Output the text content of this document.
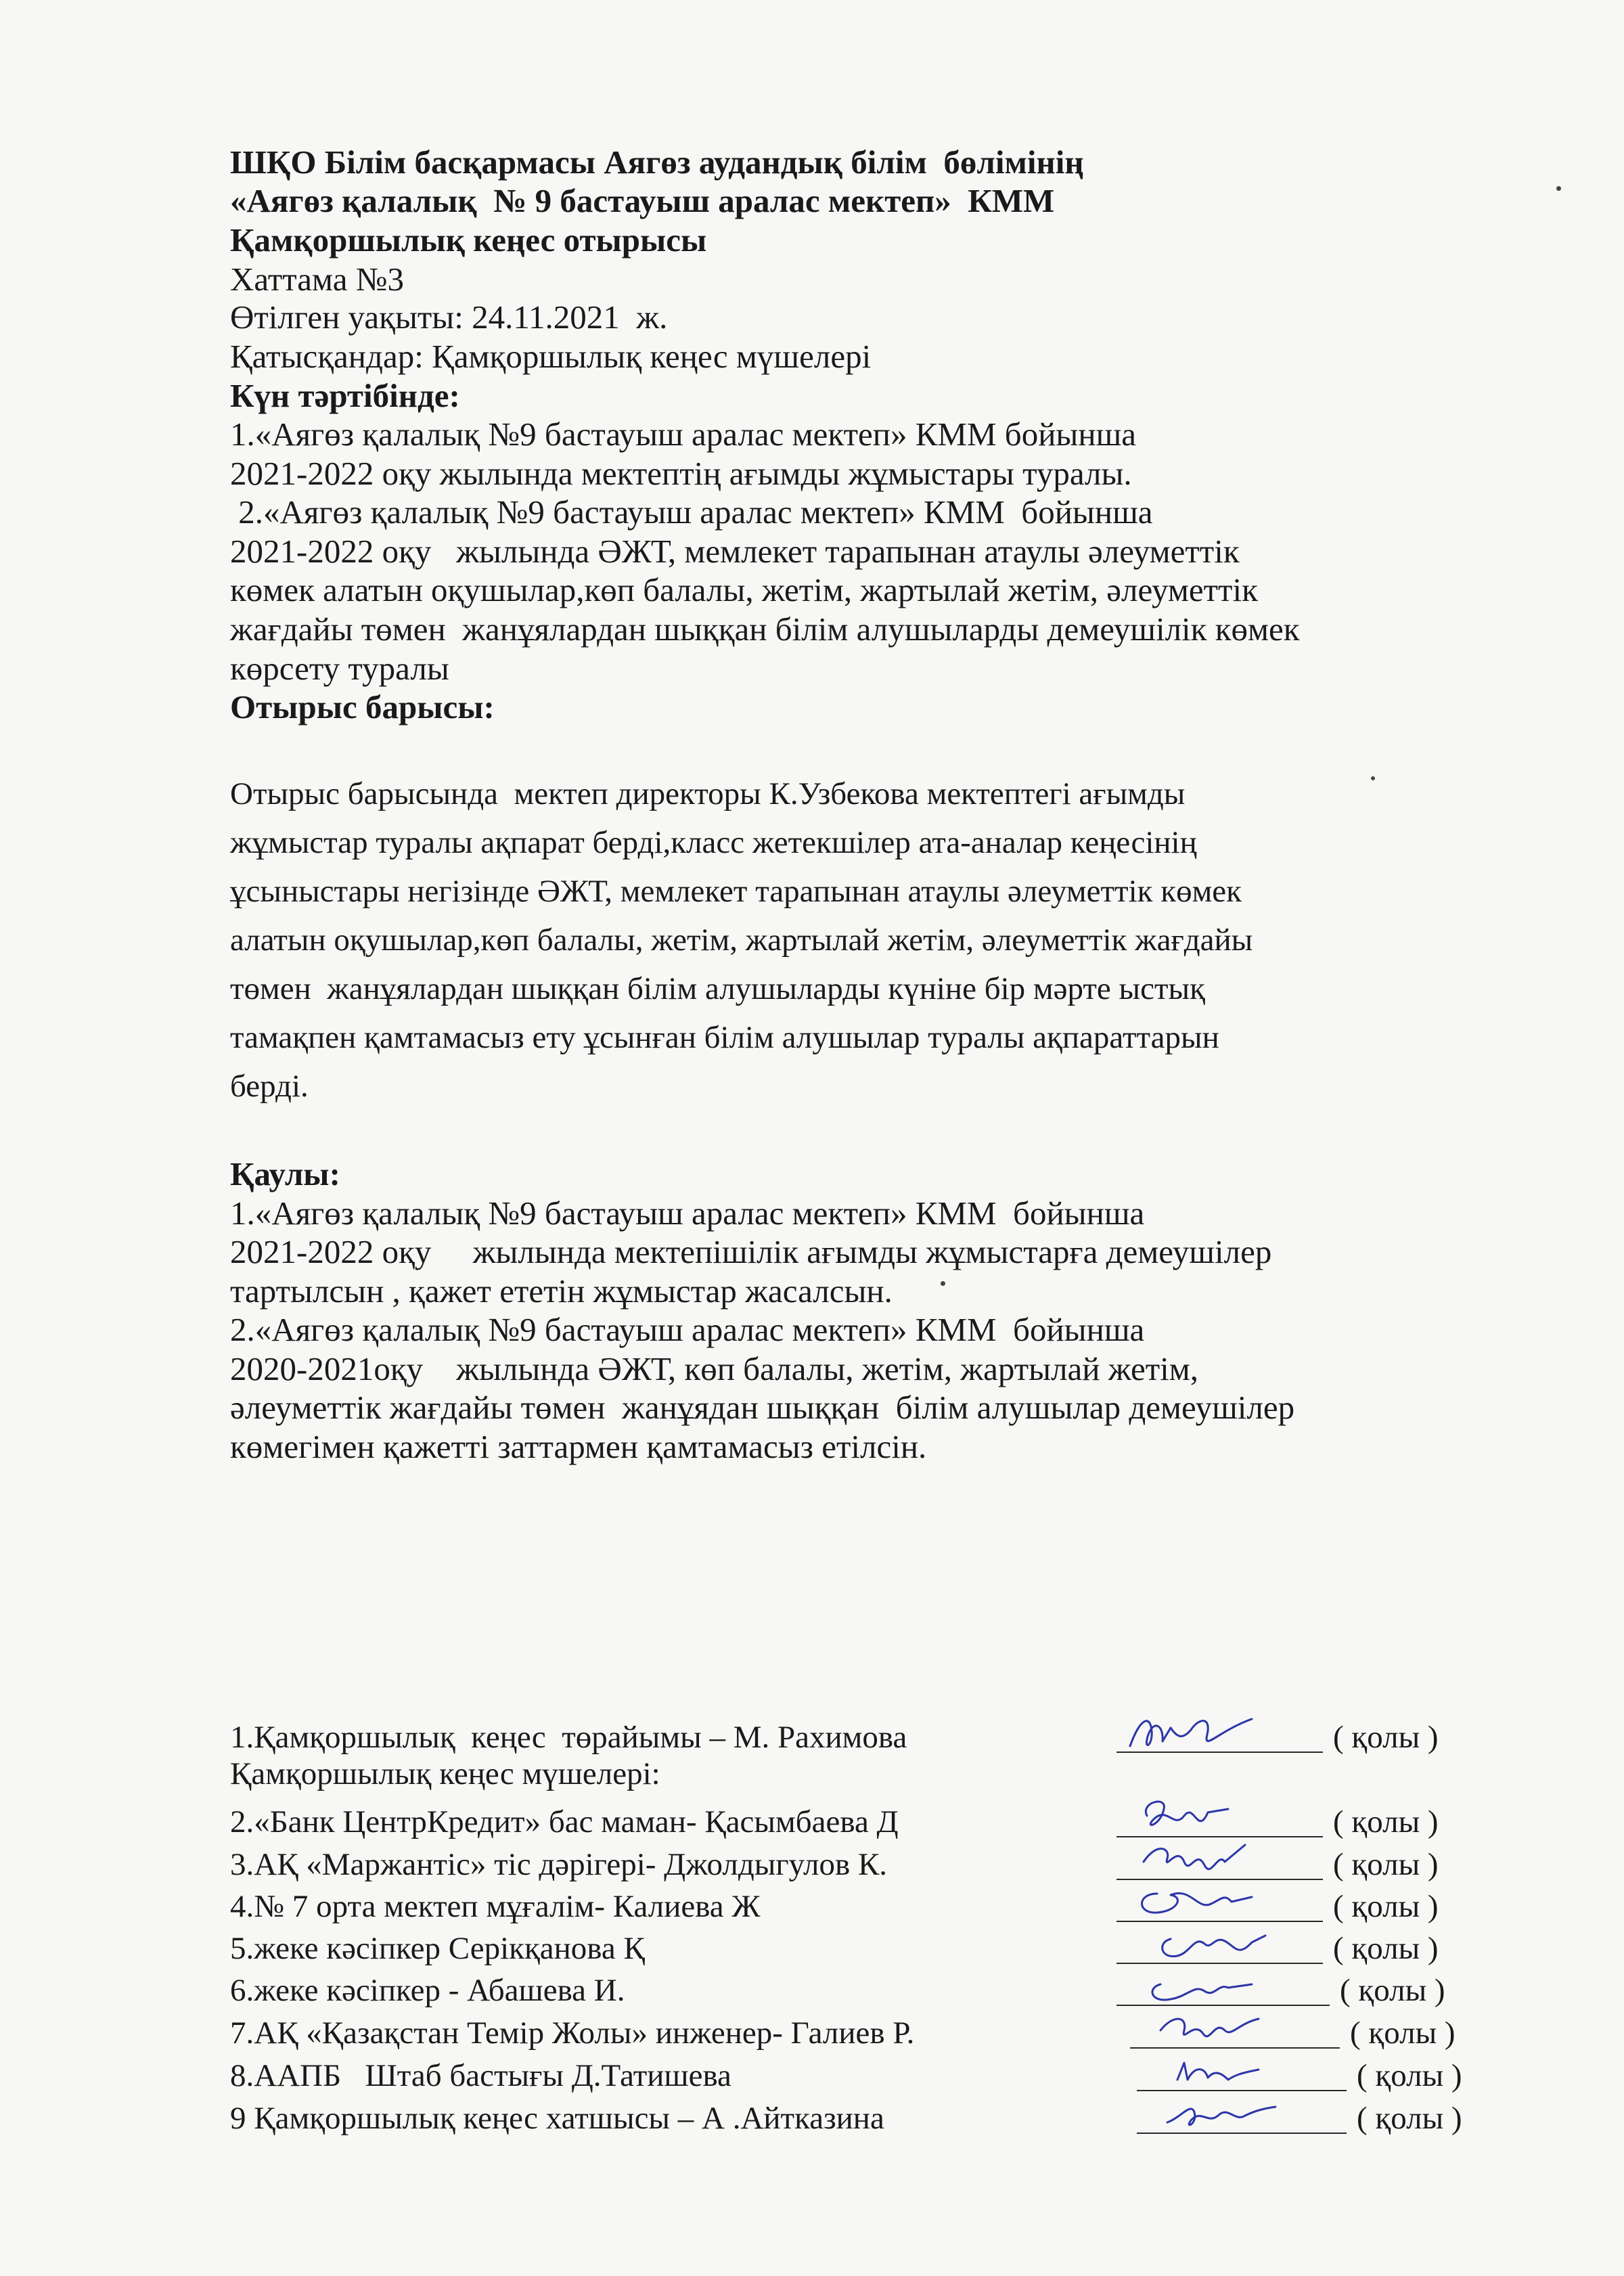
ШҚО Білім басқармасы Аягөз аудандық білім  бөлімінің
«Аягөз қалалық  № 9 бастауыш аралас мектеп»  КММ
Қамқоршылық кеңес отырысы
Хаттама №3
Өтілген уақыты: 24.11.2021  ж.
Қатысқандар: Қамқоршылық кеңес мүшелері
Күн тәртібінде:
1.«Аягөз қалалық №9 бастауыш аралас мектеп» КММ бойынша
2021-2022 оқу жылында мектептің ағымды жұмыстары туралы.
2.«Аягөз қалалық №9 бастауыш аралас мектеп» КММ  бойынша
2021-2022 оқу   жылында ӘЖТ, мемлекет тарапынан атаулы әлеуметтік
көмек алатын оқушылар,көп балалы, жетім, жартылай жетім, әлеуметтік
жағдайы төмен  жанұялардан шыққан білім алушыларды демеушілік көмек
көрсету туралы
Отырыс барысы:
Отырыс барысында  мектеп директоры К.Узбекова мектептегі ағымды
жұмыстар туралы ақпарат берді,класс жетекшілер ата-аналар кеңесінің
ұсыныстары негізінде ӘЖТ, мемлекет тарапынан атаулы әлеуметтік көмек
алатын оқушылар,көп балалы, жетім, жартылай жетім, әлеуметтік жағдайы
төмен  жанұялардан шыққан білім алушыларды күніне бір мәрте ыстық
тамақпен қамтамасыз ету ұсынған білім алушылар туралы ақпараттарын
берді.
Қаулы:
1.«Аягөз қалалық №9 бастауыш аралас мектеп» КММ  бойынша
2021-2022 оқу     жылында мектепішілік ағымды жұмыстарға демеушілер
тартылсын , қажет ететін жұмыстар жасалсын.
2.«Аягөз қалалық №9 бастауыш аралас мектеп» КММ  бойынша
2020-2021оқу    жылында ӘЖТ, көп балалы, жетім, жартылай жетім,
әлеуметтік жағдайы төмен  жанұядан шыққан  білім алушылар демеушілер
көмегімен қажетті заттармен қамтамасыз етілсін.
1.Қамқоршылық  кеңес  төрайымы – М. Рахимова	( қолы )
Қамқоршылық кеңес мүшелері:
2.«Банк ЦентрКредит» бас маман- Қасымбаева Д	( қолы )
3.АҚ «Маржантіс» тіс дәрігері- Джолдыгулов К.	( қолы )
4.№ 7 орта мектеп мұғалім- Калиева Ж	( қолы )
5.жеке кәсіпкер Серікқанова Қ	( қолы )
6.жеке кәсіпкер - Абашева И.	( қолы )
7.АҚ «Қазақстан Темір Жолы» инженер- Галиев Р.	( қолы )
8.ААПБ   Штаб бастығы Д.Татишева	( қолы )
9 Қамқоршылық кеңес хатшысы – А .Айтказина	( қолы )
